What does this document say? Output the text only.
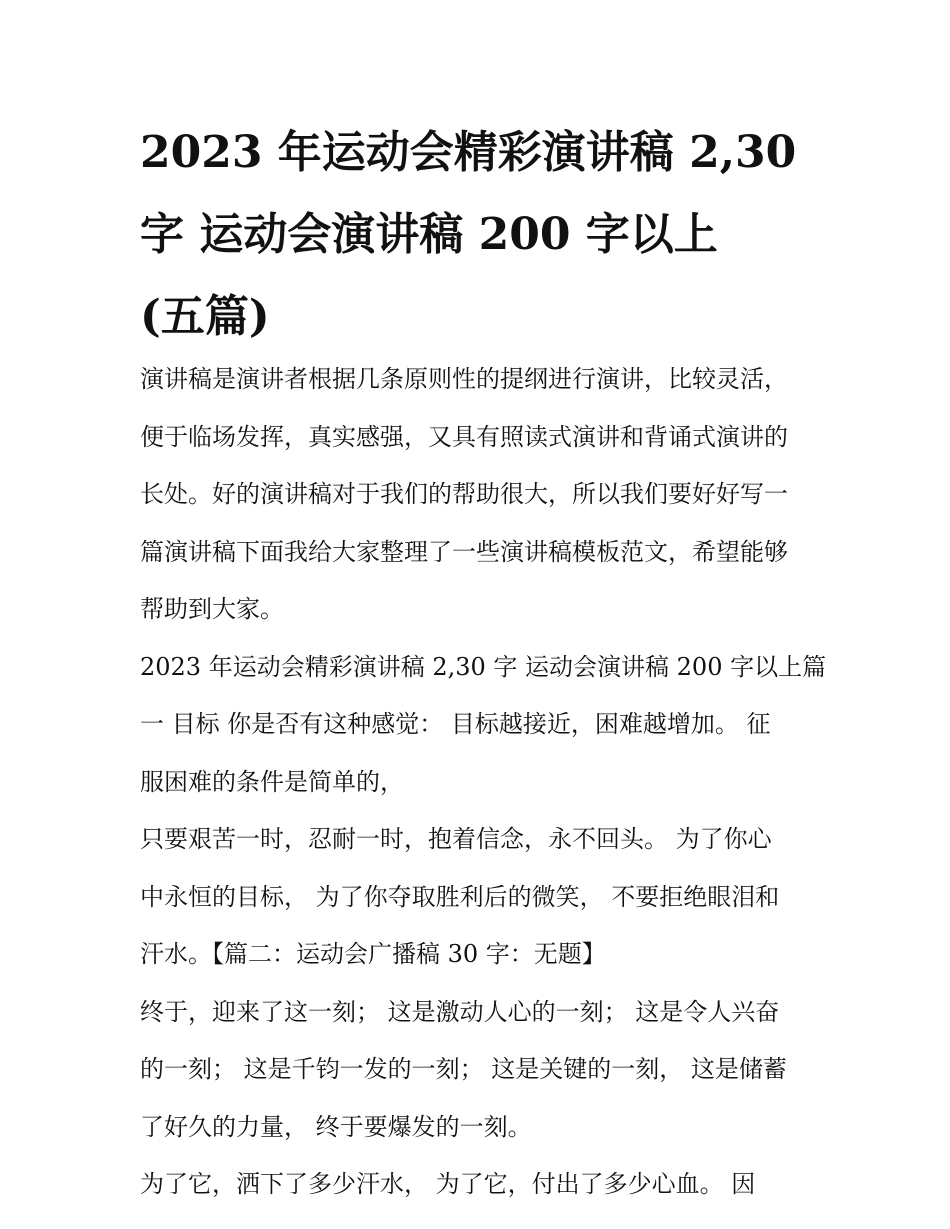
2023 年运动会精彩演讲稿 2,30
字 运动会演讲稿 200 字以上
(五篇)
演讲稿是演讲者根据几条原则性的提纲进行演讲，比较灵活，
便于临场发挥，真实感强，又具有照读式演讲和背诵式演讲的
长处。好的演讲稿对于我们的帮助很大，所以我们要好好写一
篇演讲稿下面我给大家整理了一些演讲稿模板范文，希望能够
帮助到大家。
2023 年运动会精彩演讲稿 2,30 字 运动会演讲稿 200 字以上篇
一 目标 你是否有这种感觉： 目标越接近，困难越增加。 征
服困难的条件是简单的，
只要艰苦一时，忍耐一时，抱着信念，永不回头。 为了你心
中永恒的目标， 为了你夺取胜利后的微笑， 不要拒绝眼泪和
汗水。【篇二：运动会广播稿 30 字：无题】
终于，迎来了这一刻； 这是激动人心的一刻； 这是令人兴奋
的一刻； 这是千钧一发的一刻； 这是关键的一刻， 这是储蓄
了好久的力量， 终于要爆发的一刻。
为了它，洒下了多少汗水， 为了它，付出了多少心血。 因
